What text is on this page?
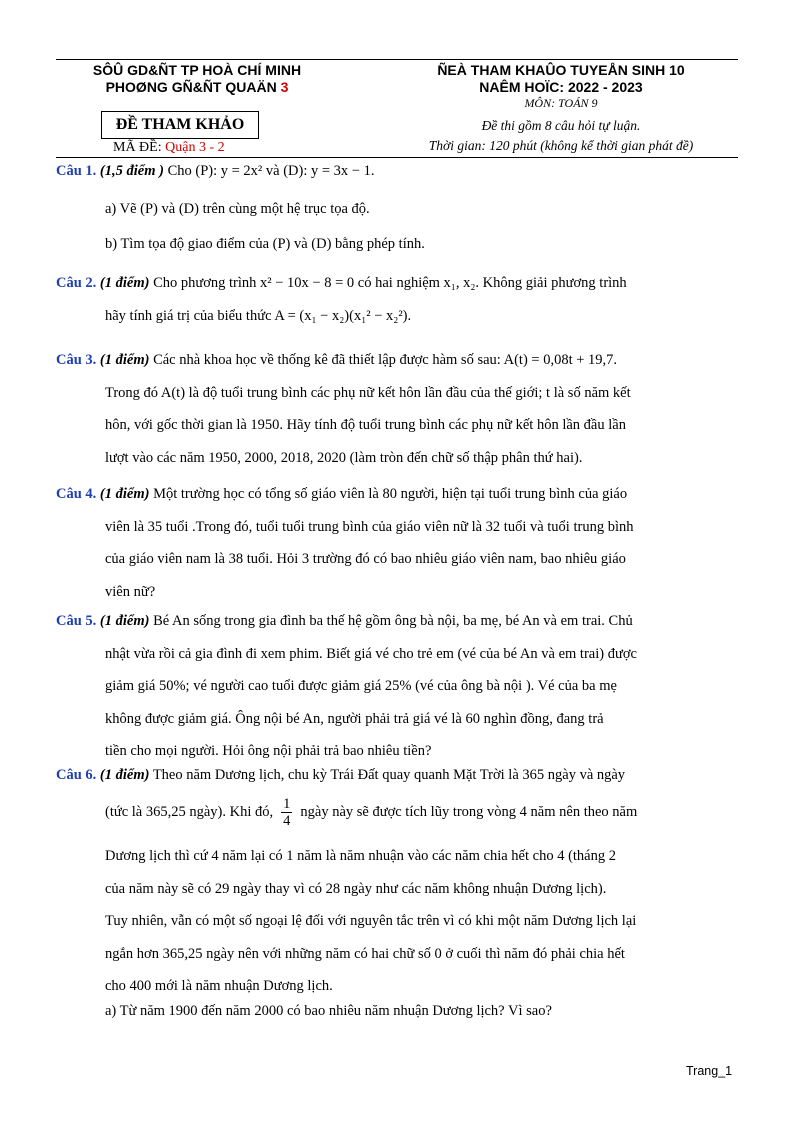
SÔÛ GD&ÑT TP HOÀ CHÍ MINH
PHOØNG GÑ&ÑT QUAÄN 3
ÑEÀ THAM KHAÛO TUYEÅN SINH 10
NAÊM HOÏC: 2022 - 2023
MÔN: TOÁN 9
ĐỀ THAM KHẢO
MÃ ĐỀ: Quận 3 - 2
Đề thi gồm 8 câu hỏi tự luận.
Thời gian: 120 phút (không kể thời gian phát đề)
Câu 1. (1,5 điểm ) Cho (P): y = 2x² và (D): y = 3x − 1.
a) Vẽ (P) và (D) trên cùng một hệ trục tọa độ.
b) Tìm tọa độ giao điểm của (P) và (D) bằng phép tính.
Câu 2. (1 điểm) Cho phương trình x² − 10x − 8 = 0 có hai nghiệm x₁, x₂. Không giải phương trình
hãy tính giá trị của biểu thức A = (x₁ − x₂)(x₁² − x₂²).
Câu 3. (1 điểm) Các nhà khoa học về thống kê đã thiết lập được hàm số sau: A(t) = 0,08t + 19,7.
Trong đó A(t) là độ tuổi trung bình các phụ nữ kết hôn lần đầu của thế giới; t là số năm kết
hôn, với gốc thời gian là 1950. Hãy tính độ tuổi trung bình các phụ nữ kết hôn lần đầu lần
lượt vào các năm 1950, 2000, 2018, 2020 (làm tròn đến chữ số thập phân thứ hai).
Câu 4. (1 điểm) Một trường học có tổng số giáo viên là 80 người, hiện tại tuổi trung bình của giáo
viên là 35 tuổi .Trong đó, tuổi tuổi trung bình của giáo viên nữ là 32 tuổi và tuổi trung bình
của giáo viên nam là 38 tuổi. Hỏi 3 trường đó có bao nhiêu giáo viên nam, bao nhiêu giáo
viên nữ?
Câu 5. (1 điểm) Bé An sống trong gia đình ba thế hệ gồm ông bà nội, ba mẹ, bé An và em trai. Chủ
nhật vừa rồi cả gia đình đi xem phim. Biết giá vé cho trẻ em (vé của bé An và em trai) được
giảm giá 50%; vé người cao tuổi được giảm giá 25% (vé của ông bà nội ). Vé của ba mẹ
không được giảm giá. Ông nội bé An, người phải trả giá vé là 60 nghìn đồng, đang trả
tiền cho mọi người. Hỏi ông nội phải trả bao nhiêu tiền?
Câu 6. (1 điểm) Theo năm Dương lịch, chu kỳ Trái Đất quay quanh Mặt Trời là 365 ngày và ngày
(tức là 365,25 ngày). Khi đó, $\frac{1}{4}$ ngày này sẽ được tích lũy trong vòng 4 năm nên theo năm
Dương lịch thì cứ 4 năm lại có 1 năm là năm nhuận vào các năm chia hết cho 4 (tháng 2
của năm này sẽ có 29 ngày thay vì có 28 ngày như các năm không nhuận Dương lịch).
Tuy nhiên, vẫn có một số ngoại lệ đối với nguyên tắc trên vì có khi một năm Dương lịch lại
ngắn hơn 365,25 ngày nên với những năm có hai chữ số 0 ở cuối thì năm đó phải chia hết
cho 400 mới là năm nhuận Dương lịch.
a) Từ năm 1900 đến năm 2000 có bao nhiêu năm nhuận Dương lịch? Vì sao?
Trang_1
